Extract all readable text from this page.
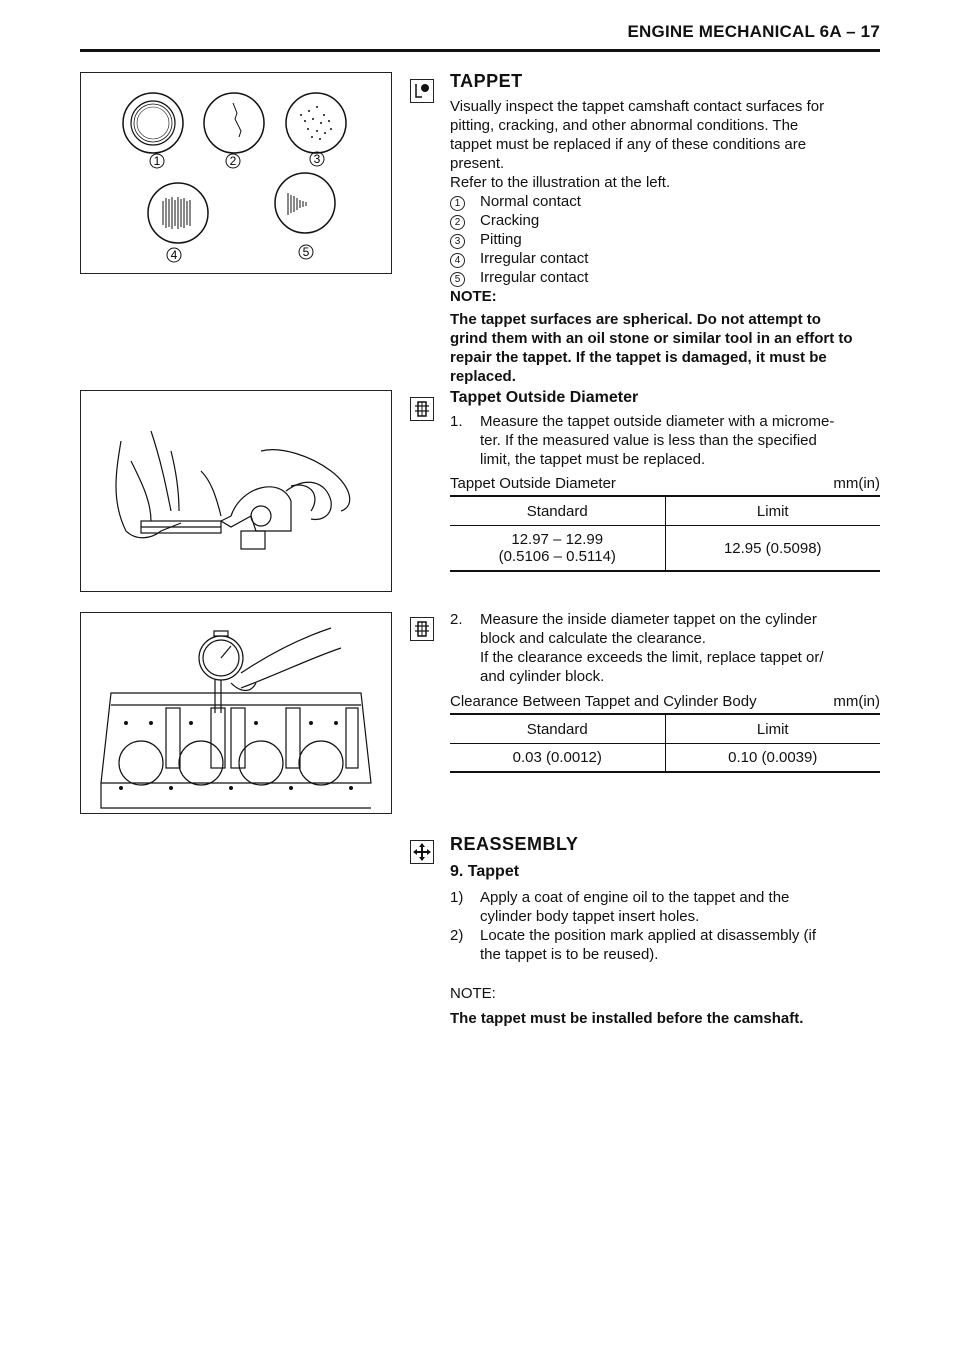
ENGINE MECHANICAL 6A – 17
1	2	3
4	5
TAPPET
Visually inspect the tappet camshaft contact surfaces for
pitting, cracking, and other abnormal conditions. The
tappet must be replaced if any of these conditions are
present.
Refer to the illustration at the left.
1	Normal contact
2	Cracking
3	Pitting
4	Irregular contact
5	Irregular contact
NOTE:
The tappet surfaces are spherical. Do not attempt to
grind them with an oil stone or similar tool in an effort to
repair the tappet. If the tappet is damaged, it must be
replaced.
Tappet Outside Diameter
1. Measure the tappet outside diameter with a microme-
ter. If the measured value is less than the specified
limit, the tappet must be replaced.
Tappet Outside Diameter	mm(in)
Standard	Limit

12.97 – 12.99
(0.5106 – 0.5114)	12.95 (0.5098)
2. Measure the inside diameter tappet on the cylinder
block and calculate the clearance.
If the clearance exceeds the limit, replace tappet or/
and cylinder block.
Clearance Between Tappet and Cylinder Body	mm(in)
Standard	Limit
0.03 (0.0012)	0.10 (0.0039)
REASSEMBLY
9. Tappet
1) Apply a coat of engine oil to the tappet and the
cylinder body tappet insert holes.
2) Locate the position mark applied at disassembly (if
the tappet is to be reused).
NOTE:
The tappet must be installed before the camshaft.
